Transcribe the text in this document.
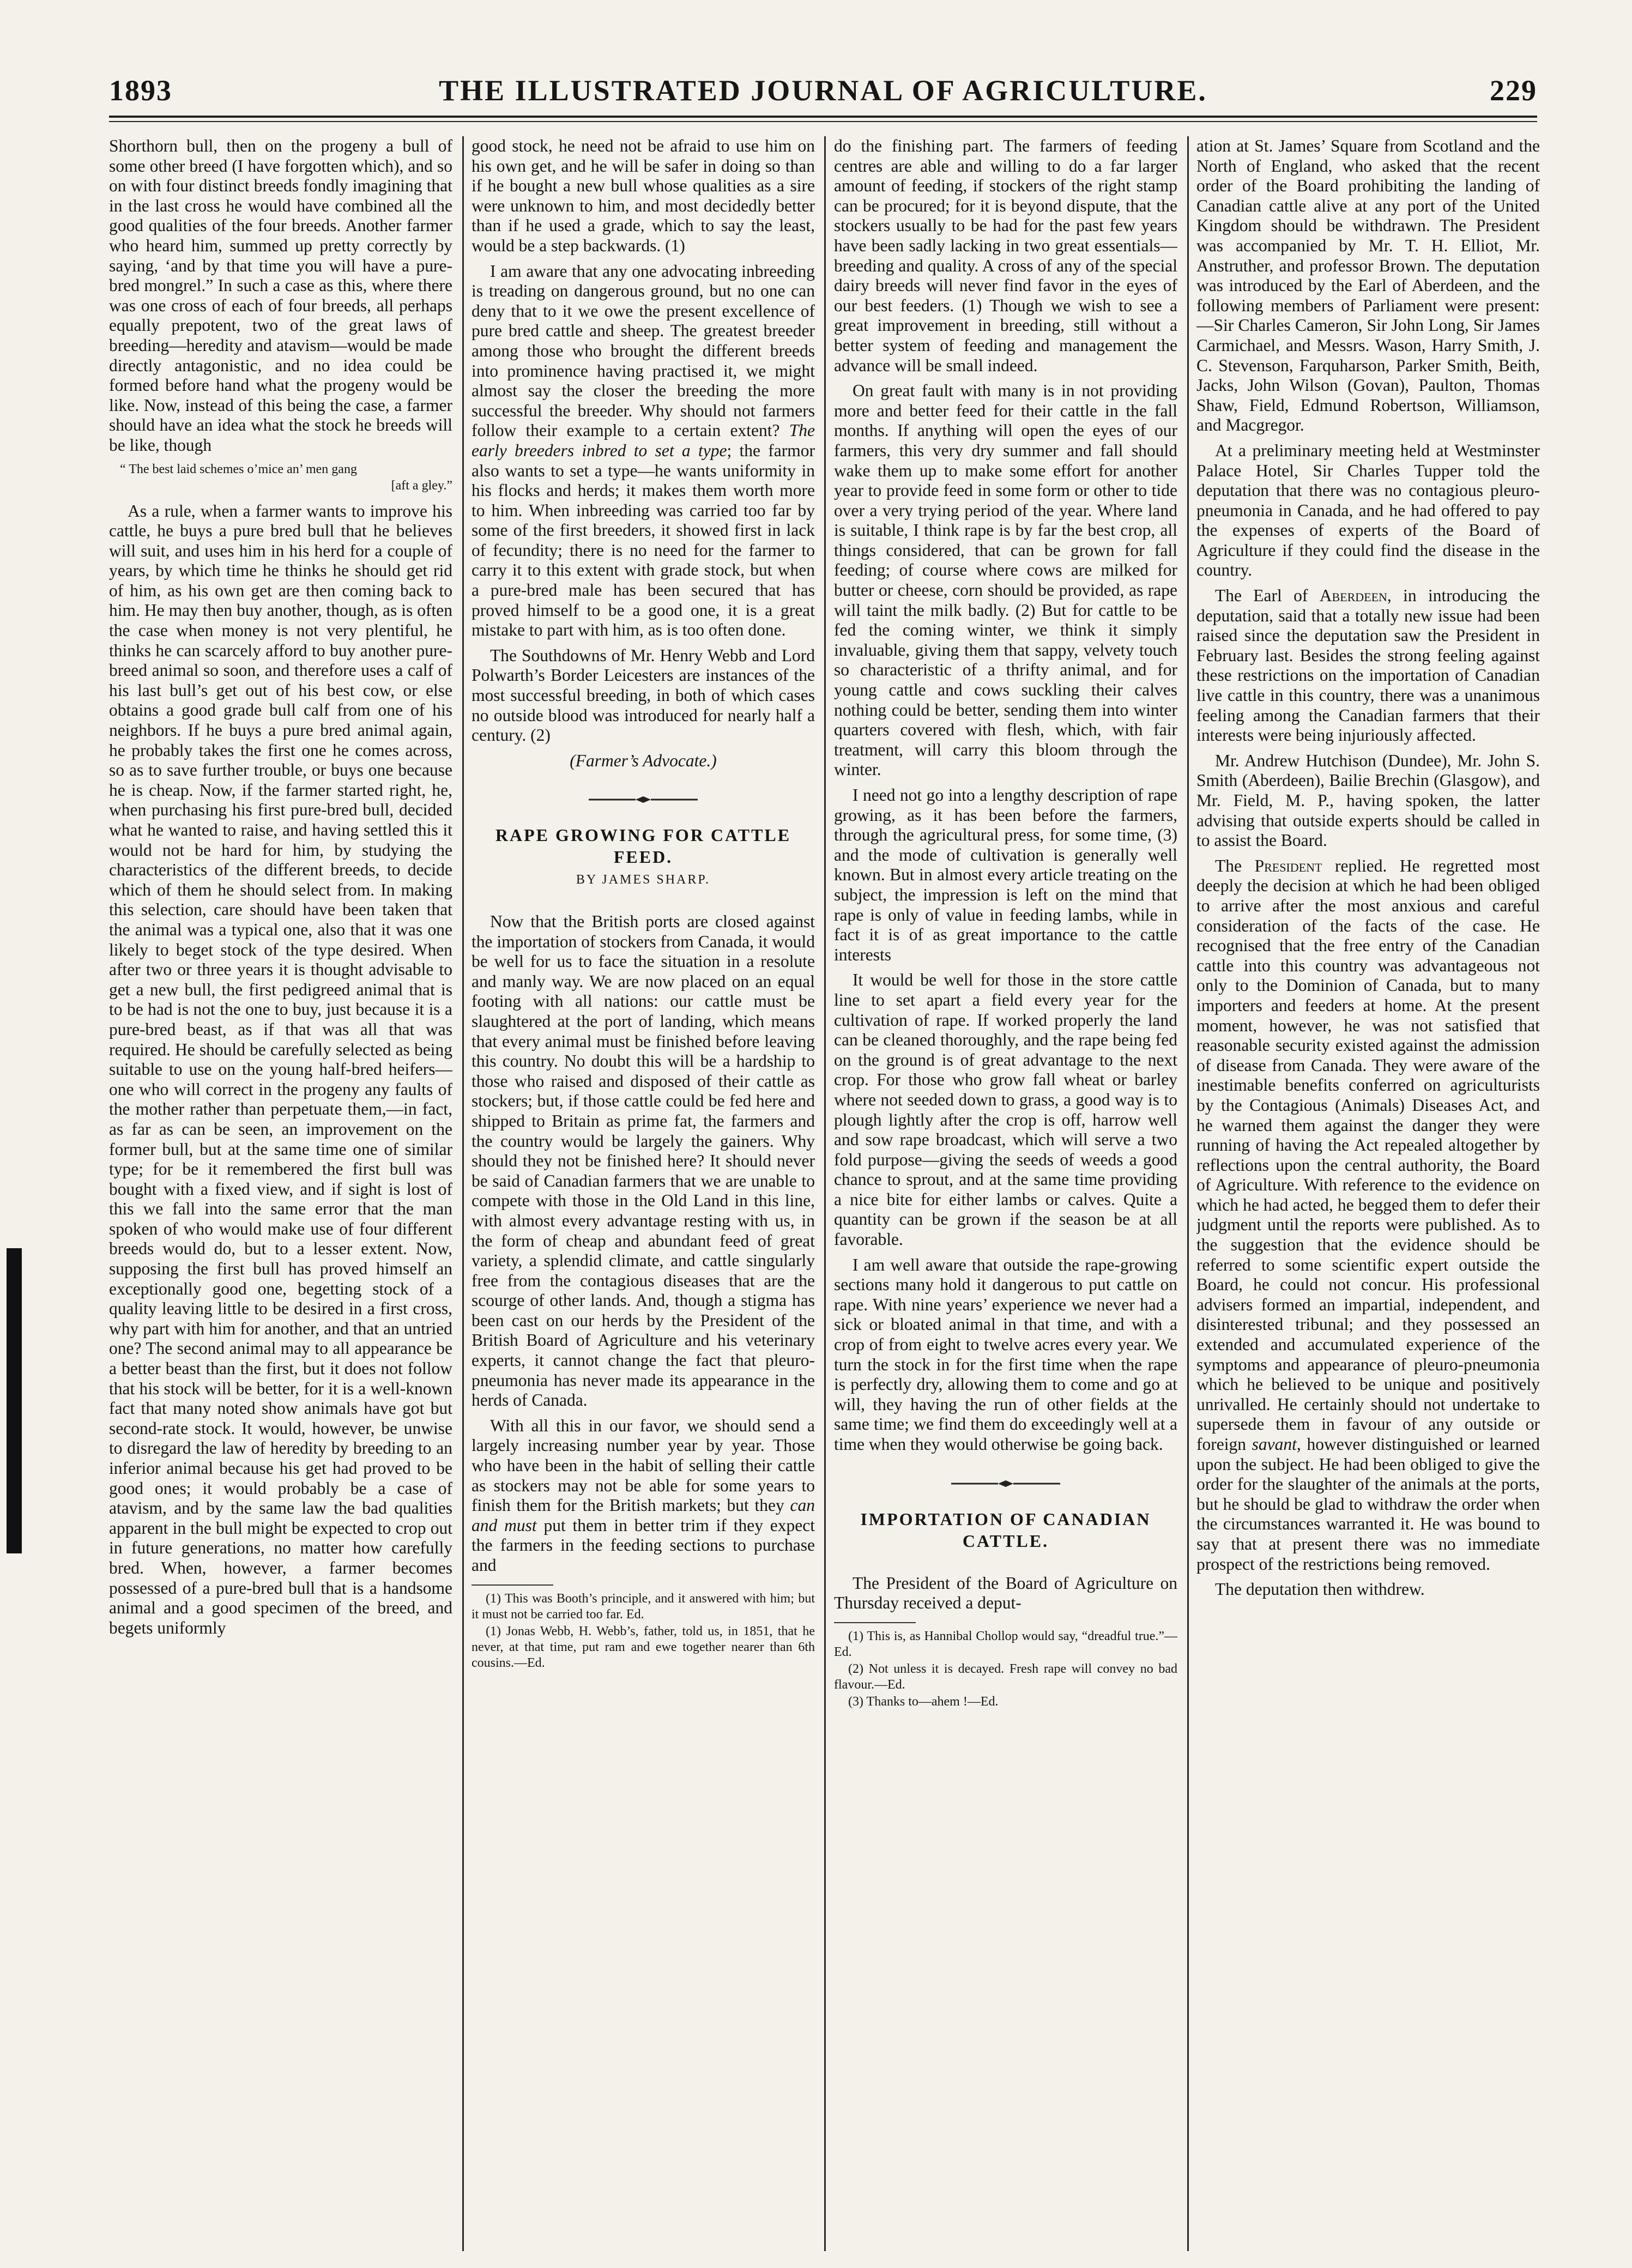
1893	THE ILLUSTRATED JOURNAL OF AGRICULTURE.	229

Shorthorn bull, then on the progeny a bull of some other breed (I have forgotten which), and so on with four distinct breeds fondly imagining that in the last cross he would have combined all the good qualities of the four breeds. Another farmer who heard him, summed up pretty correctly by saying, ‘and by that time you will have a pure-bred mongrel.” In such a case as this, where there was one cross of each of four breeds, all perhaps equally prepotent, two of the great laws of breeding—heredity and atavism—would be made directly antagonistic, and no idea could be formed before hand what the progeny would be like. Now, instead of this being the case, a farmer should have an idea what the stock he breeds will be like, though

“ The best laid schemes o’mice an’ men gang
[aft a gley.”

As a rule, when a farmer wants to improve his cattle, he buys a pure bred bull that he believes will suit, and uses him in his herd for a couple of years, by which time he thinks he should get rid of him, as his own get are then coming back to him. He may then buy another, though, as is often the case when money is not very plentiful, he thinks he can scarcely afford to buy another pure-breed animal so soon, and therefore uses a calf of his last bull’s get out of his best cow, or else obtains a good grade bull calf from one of his neighbors. If he buys a pure bred animal again, he probably takes the first one he comes across, so as to save further trouble, or buys one because he is cheap. Now, if the farmer started right, he, when purchasing his first pure-bred bull, decided what he wanted to raise, and having settled this it would not be hard for him, by studying the characteristics of the different breeds, to decide which of them he should select from. In making this selection, care should have been taken that the animal was a typical one, also that it was one likely to beget stock of the type desired. When after two or three years it is thought advisable to get a new bull, the first pedigreed animal that is to be had is not the one to buy, just because it is a pure-bred beast, as if that was all that was required. He should be carefully selected as being suitable to use on the young half-bred heifers—one who will correct in the progeny any faults of the mother rather than perpetuate them,—in fact, as far as can be seen, an improvement on the former bull, but at the same time one of similar type; for be it remembered the first bull was bought with a fixed view, and if sight is lost of this we fall into the same error that the man spoken of who would make use of four different breeds would do, but to a lesser extent. Now, supposing the first bull has proved himself an exceptionally good one, begetting stock of a quality leaving little to be desired in a first cross, why part with him for another, and that an untried one? The second animal may to all appearance be a better beast than the first, but it does not follow that his stock will be better, for it is a well-known fact that many noted show animals have got but second-rate stock. It would, however, be unwise to disregard the law of heredity by breeding to an inferior animal because his get had proved to be good ones; it would probably be a case of atavism, and by the same law the bad qualities apparent in the bull might be expected to crop out in future generations, no matter how carefully bred. When, however, a farmer becomes possessed of a pure-bred bull that is a handsome animal and a good specimen of the breed, and begets uniformly

good stock, he need not be afraid to use him on his own get, and he will be safer in doing so than if he bought a new bull whose qualities as a sire were unknown to him, and most decidedly better than if he used a grade, which to say the least, would be a step backwards. (1)

I am aware that any one advocating inbreeding is treading on dangerous ground, but no one can deny that to it we owe the present excellence of pure bred cattle and sheep. The greatest breeder among those who brought the different breeds into prominence having practised it, we might almost say the closer the breeding the more successful the breeder. Why should not farmers follow their example to a certain extent? The early breeders inbred to set a type; the farmor also wants to set a type—he wants uniformity in his flocks and herds; it makes them worth more to him. When inbreeding was carried too far by some of the first breeders, it showed first in lack of fecundity; there is no need for the farmer to carry it to this extent with grade stock, but when a pure-bred male has been secured that has proved himself to be a good one, it is a great mistake to part with him, as is too often done.

The Southdowns of Mr. Henry Webb and Lord Polwarth’s Border Leicesters are instances of the most successful breeding, in both of which cases no outside blood was introduced for nearly half a century. (2)

(Farmer’s Advocate.)
RAPE GROWING FOR CATTLE FEED.
BY JAMES SHARP.

Now that the British ports are closed against the importation of stockers from Canada, it would be well for us to face the situation in a resolute and manly way. We are now placed on an equal footing with all nations: our cattle must be slaughtered at the port of landing, which means that every animal must be finished before leaving this country. No doubt this will be a hardship to those who raised and disposed of their cattle as stockers; but, if those cattle could be fed here and shipped to Britain as prime fat, the farmers and the country would be largely the gainers. Why should they not be finished here? It should never be said of Canadian farmers that we are unable to compete with those in the Old Land in this line, with almost every advantage resting with us, in the form of cheap and abundant feed of great variety, a splendid climate, and cattle singularly free from the contagious diseases that are the scourge of other lands. And, though a stigma has been cast on our herds by the President of the British Board of Agriculture and his veterinary experts, it cannot change the fact that pleuro-pneumonia has never made its appearance in the herds of Canada.

With all this in our favor, we should send a largely increasing number year by year. Those who have been in the habit of selling their cattle as stockers may not be able for some years to finish them for the British markets; but they can and must put them in better trim if they expect the farmers in the feeding sections to purchase and

(1) This was Booth’s principle, and it answered with him; but it must not be carried too far. Ed.
(1) Jonas Webb, H. Webb’s, father, told us, in 1851, that he never, at that time, put ram and ewe together nearer than 6th cousins.—Ed.

do the finishing part. The farmers of feeding centres are able and willing to do a far larger amount of feeding, if stockers of the right stamp can be procured; for it is beyond dispute, that the stockers usually to be had for the past few years have been sadly lacking in two great essentials—breeding and quality. A cross of any of the special dairy breeds will never find favor in the eyes of our best feeders. (1) Though we wish to see a great improvement in breeding, still without a better system of feeding and management the advance will be small indeed.

On great fault with many is in not providing more and better feed for their cattle in the fall months. If anything will open the eyes of our farmers, this very dry summer and fall should wake them up to make some effort for another year to provide feed in some form or other to tide over a very trying period of the year. Where land is suitable, I think rape is by far the best crop, all things considered, that can be grown for fall feeding; of course where cows are milked for butter or cheese, corn should be provided, as rape will taint the milk badly. (2) But for cattle to be fed the coming winter, we think it simply invaluable, giving them that sappy, velvety touch so characteristic of a thrifty animal, and for young cattle and cows suckling their calves nothing could be better, sending them into winter quarters covered with flesh, which, with fair treatment, will carry this bloom through the winter.

I need not go into a lengthy description of rape growing, as it has been before the farmers, through the agricultural press, for some time, (3) and the mode of cultivation is generally well known. But in almost every article treating on the subject, the impression is left on the mind that rape is only of value in feeding lambs, while in fact it is of as great importance to the cattle interests

It would be well for those in the store cattle line to set apart a field every year for the cultivation of rape. If worked properly the land can be cleaned thoroughly, and the rape being fed on the ground is of great advantage to the next crop. For those who grow fall wheat or barley where not seeded down to grass, a good way is to plough lightly after the crop is off, harrow well and sow rape broadcast, which will serve a two fold purpose—giving the seeds of weeds a good chance to sprout, and at the same time providing a nice bite for either lambs or calves. Quite a quantity can be grown if the season be at all favorable.

I am well aware that outside the rape-growing sections many hold it dangerous to put cattle on rape. With nine years’ experience we never had a sick or bloated animal in that time, and with a crop of from eight to twelve acres every year. We turn the stock in for the first time when the rape is perfectly dry, allowing them to come and go at will, they having the run of other fields at the same time; we find them do exceedingly well at a time when they would otherwise be going back.

IMPORTATION OF CANADIAN CATTLE.

The President of the Board of Agriculture on Thursday received a deput-

(1) This is, as Hannibal Chollop would say, “dreadful true.”—Ed.
(2) Not unless it is decayed. Fresh rape will convey no bad flavour.—Ed.
(3) Thanks to—ahem !—Ed.

ation at St. James’ Square from Scotland and the North of England, who asked that the recent order of the Board prohibiting the landing of Canadian cattle alive at any port of the United Kingdom should be withdrawn. The President was accompanied by Mr. T. H. Elliot, Mr. Anstruther, and professor Brown. The deputation was introduced by the Earl of Aberdeen, and the following members of Parliament were present:—Sir Charles Cameron, Sir John Long, Sir James Carmichael, and Messrs. Wason, Harry Smith, J. C. Stevenson, Farquharson, Parker Smith, Beith, Jacks, John Wilson (Govan), Paulton, Thomas Shaw, Field, Edmund Robertson, Williamson, and Macgregor.

At a preliminary meeting held at Westminster Palace Hotel, Sir Charles Tupper told the deputation that there was no contagious pleuro-pneumonia in Canada, and he had offered to pay the expenses of experts of the Board of Agriculture if they could find the disease in the country.

The Earl of Aberdeen, in introducing the deputation, said that a totally new issue had been raised since the deputation saw the President in February last. Besides the strong feeling against these restrictions on the importation of Canadian live cattle in this country, there was a unanimous feeling among the Canadian farmers that their interests were being injuriously affected.

Mr. Andrew Hutchison (Dundee), Mr. John S. Smith (Aberdeen), Bailie Brechin (Glasgow), and Mr. Field, M. P., having spoken, the latter advising that outside experts should be called in to assist the Board.

The President replied. He regretted most deeply the decision at which he had been obliged to arrive after the most anxious and careful consideration of the facts of the case. He recognised that the free entry of the Canadian cattle into this country was advantageous not only to the Dominion of Canada, but to many importers and feeders at home. At the present moment, however, he was not satisfied that reasonable security existed against the admission of disease from Canada. They were aware of the inestimable benefits conferred on agriculturists by the Contagious (Animals) Diseases Act, and he warned them against the danger they were running of having the Act repealed altogether by reflections upon the central authority, the Board of Agriculture. With reference to the evidence on which he had acted, he begged them to defer their judgment until the reports were published. As to the suggestion that the evidence should be referred to some scientific expert outside the Board, he could not concur. His professional advisers formed an impartial, independent, and disinterested tribunal; and they possessed an extended and accumulated experience of the symptoms and appearance of pleuro-pneumonia which he believed to be unique and positively unrivalled. He certainly should not undertake to supersede them in favour of any outside or foreign savant, however distinguished or learned upon the subject. He had been obliged to give the order for the slaughter of the animals at the ports, but he should be glad to withdraw the order when the circumstances warranted it. He was bound to say that at present there was no immediate prospect of the restrictions being removed.

The deputation then withdrew.
